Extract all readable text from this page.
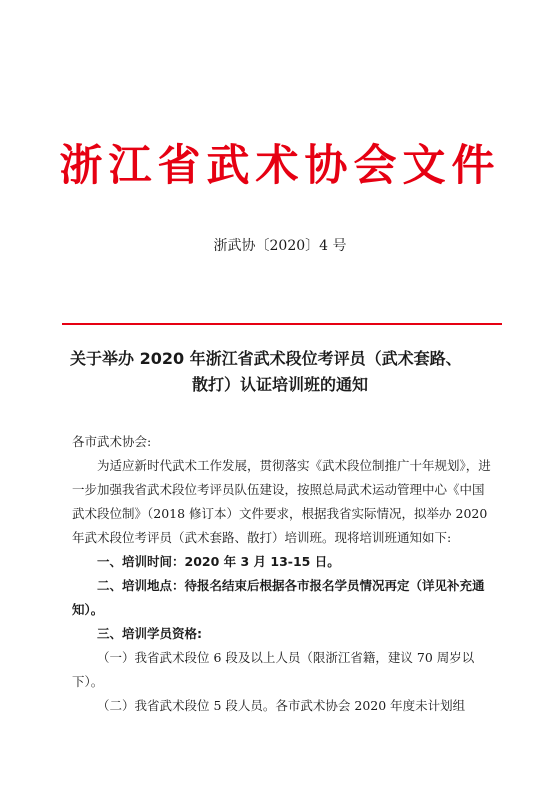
浙江省武术协会文件
浙武协〔2020〕4 号
关于举办 2020 年浙江省武术段位考评员（武术套路、
散打）认证培训班的通知

各市武术协会:

为适应新时代武术工作发展，贯彻落实《武术段位制推广十年规划》，进一步加强我省武术段位考评员队伍建设，按照总局武术运动管理中心《中国武术段位制》（2018 修订本）文件要求，根据我省实际情况，拟举办 2020 年武术段位考评员（武术套路、散打）培训班。现将培训班通知如下:

一、培训时间：2020 年 3 月 13-15 日。

二、培训地点：待报名结束后根据各市报名学员情况再定（详见补充通知）。

三、培训学员资格:

（一）我省武术段位 6 段及以上人员（限浙江省籍，建议 70 周岁以下）。

（二）我省武术段位 5 段人员。各市武术协会 2020 年度未计划组
